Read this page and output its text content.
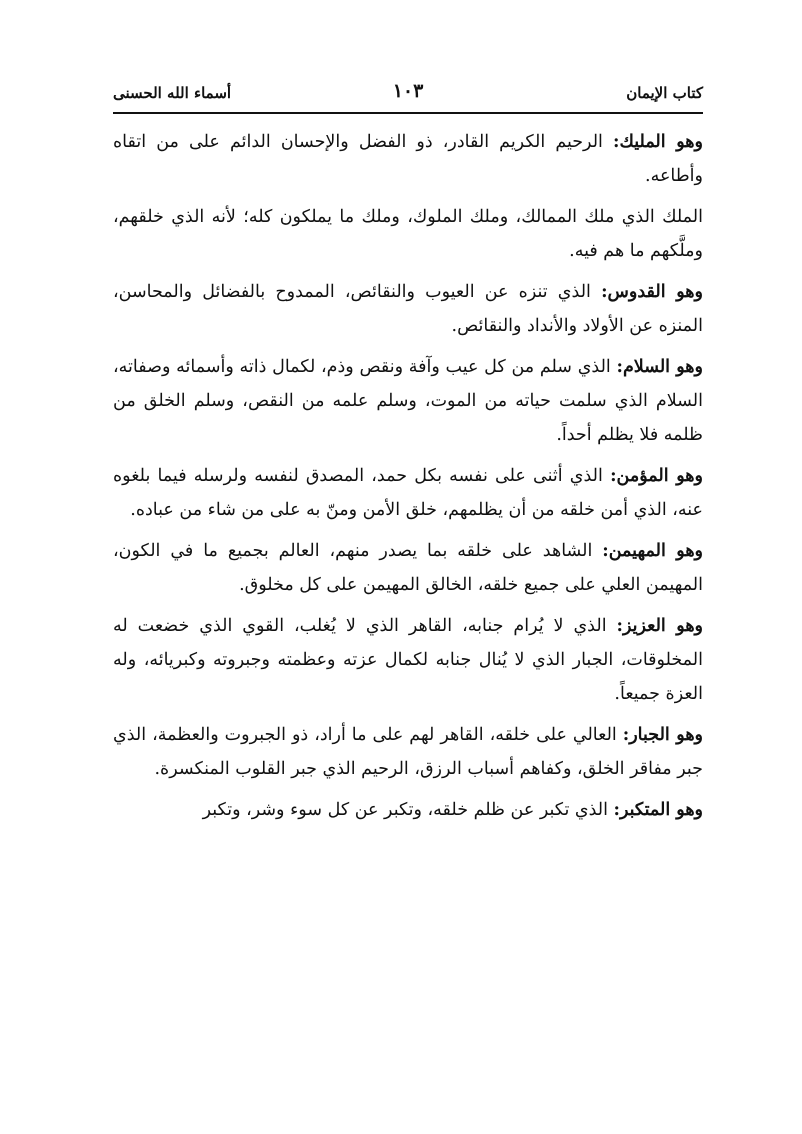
كتاب الإيمان
١٠٣
أسماء الله الحسنى

وهو المليك: الرحيم الكريم القادر، ذو الفضل والإحسان الدائم على من اتقاه وأطاعه.

الملك الذي ملك الممالك، وملك الملوك، وملك ما يملكون كله؛ لأنه الذي خلقهم، وملَّكهم ما هم فيه.

وهو القدوس: الذي تنزه عن العيوب والنقائص، الممدوح بالفضائل والمحاسن، المنزه عن الأولاد والأنداد والنقائص.

وهو السلام: الذي سلم من كل عيب وآفة ونقص وذم، لكمال ذاته وأسمائه وصفاته، السلام الذي سلمت حياته من الموت، وسلم علمه من النقص، وسلم الخلق من ظلمه فلا يظلم أحداً.

وهو المؤمن: الذي أثنى على نفسه بكل حمد، المصدق لنفسه ولرسله فيما بلغوه عنه، الذي أمن خلقه من أن يظلمهم، خلق الأمن ومنّ به على من شاء من عباده.

وهو المهيمن: الشاهد على خلقه بما يصدر منهم، العالم بجميع ما في الكون، المهيمن العلي على جميع خلقه، الخالق المهيمن على كل مخلوق.

وهو العزيز: الذي لا يُرام جنابه، القاهر الذي لا يُغلب، القوي الذي خضعت له المخلوقات، الجبار الذي لا يُنال جنابه لكمال عزته وعظمته وجبروته وكبريائه، وله العزة جميعاً.

وهو الجبار: العالي على خلقه، القاهر لهم على ما أراد، ذو الجبروت والعظمة، الذي جبر مفاقر الخلق، وكفاهم أسباب الرزق، الرحيم الذي جبر القلوب المنكسرة.

وهو المتكبر: الذي تكبر عن ظلم خلقه، وتكبر عن كل سوء وشر، وتكبر
